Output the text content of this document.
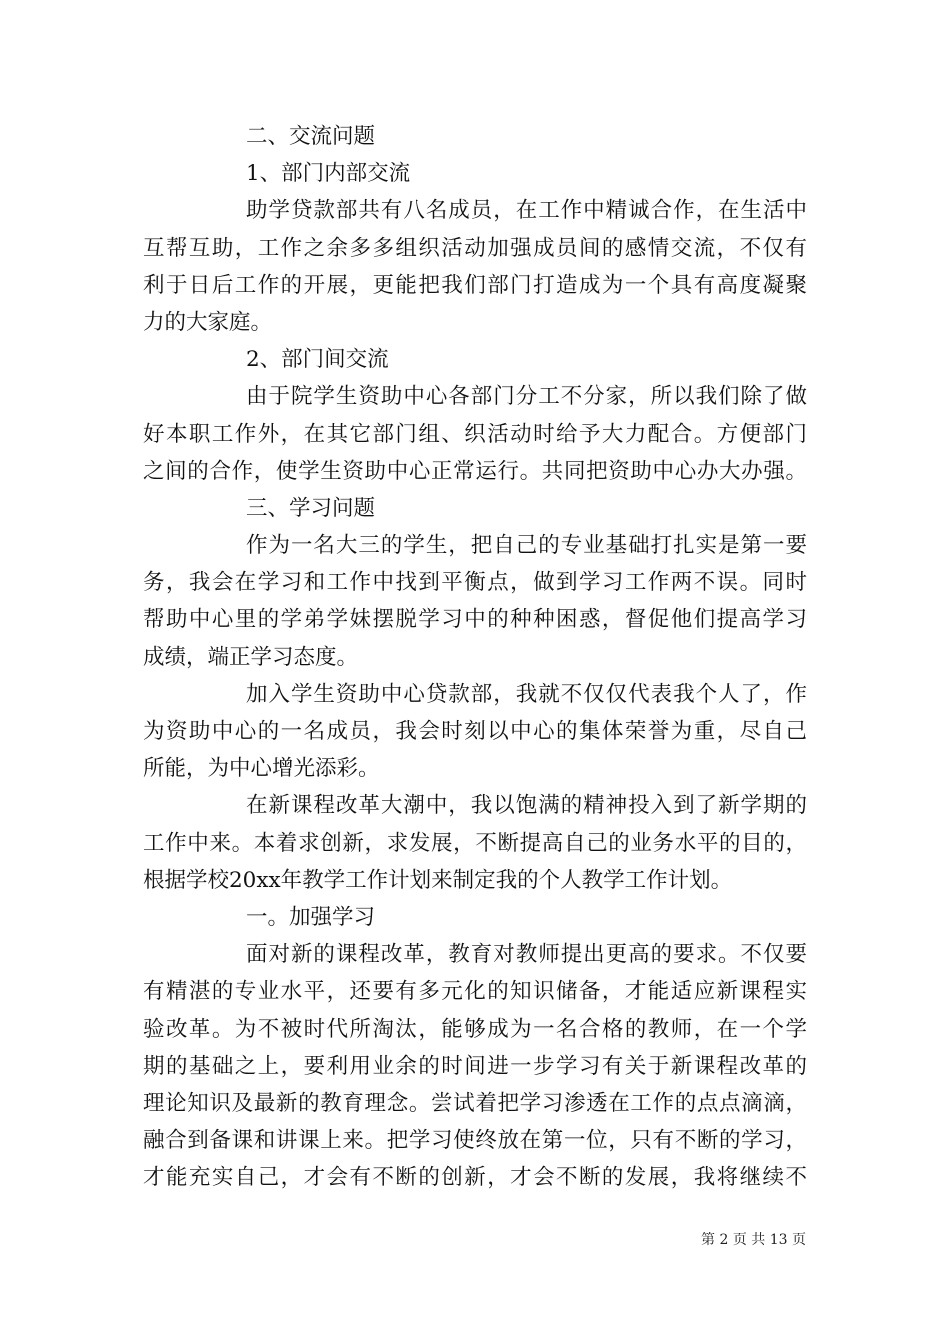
二、交流问题
1、部门内部交流
助学贷款部共有八名成员，在工作中精诚合作，在生活中
互帮互助，工作之余多多组织活动加强成员间的感情交流，不仅有
利于日后工作的开展，更能把我们部门打造成为一个具有高度凝聚
力的大家庭。
2、部门间交流
由于院学生资助中心各部门分工不分家，所以我们除了做
好本职工作外，在其它部门组、织活动时给予大力配合。方便部门
之间的合作，使学生资助中心正常运行。共同把资助中心办大办强。
三、学习问题
作为一名大三的学生，把自己的专业基础打扎实是第一要
务，我会在学习和工作中找到平衡点，做到学习工作两不误。同时
帮助中心里的学弟学妹摆脱学习中的种种困惑，督促他们提高学习
成绩，端正学习态度。
加入学生资助中心贷款部，我就不仅仅代表我个人了，作
为资助中心的一名成员，我会时刻以中心的集体荣誉为重，尽自己
所能，为中心增光添彩。
在新课程改革大潮中，我以饱满的精神投入到了新学期的
工作中来。本着求创新，求发展，不断提高自己的业务水平的目的，
根据学校20xx年教学工作计划来制定我的个人教学工作计划。
一。加强学习
面对新的课程改革，教育对教师提出更高的要求。不仅要
有精湛的专业水平，还要有多元化的知识储备，才能适应新课程实
验改革。为不被时代所淘汰，能够成为一名合格的教师，在一个学
期的基础之上，要利用业余的时间进一步学习有关于新课程改革的
理论知识及最新的教育理念。尝试着把学习渗透在工作的点点滴滴，
融合到备课和讲课上来。把学习使终放在第一位，只有不断的学习，
才能充实自己，才会有不断的创新，才会不断的发展，我将继续不
第 2 页 共 13 页
